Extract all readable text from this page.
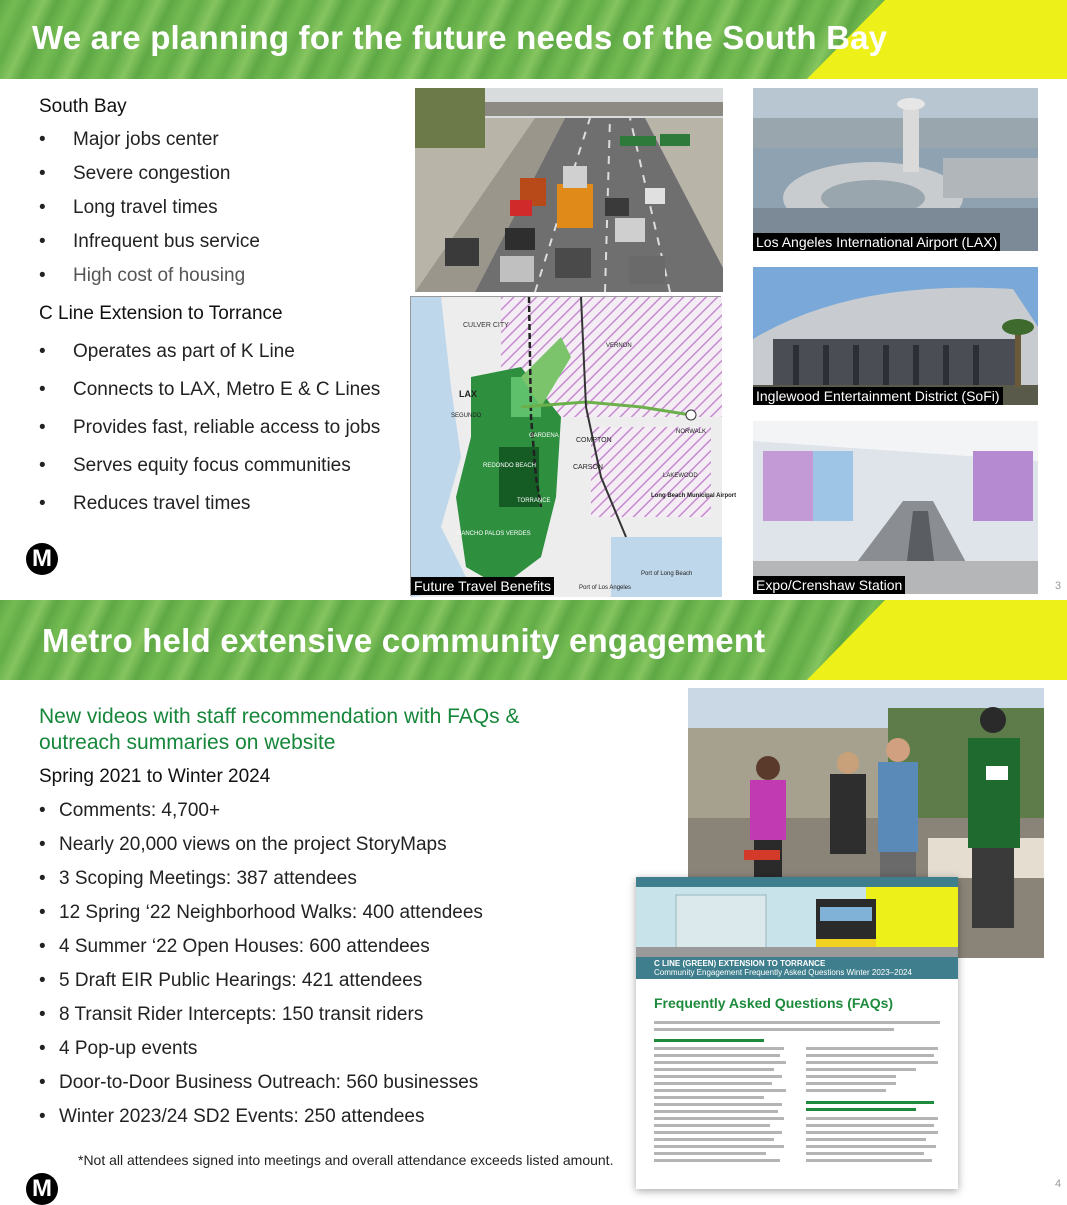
We are planning for the future needs of the South Bay
South Bay
• Major jobs center
• Severe congestion
• Long travel times
• Infrequent bus service
• High cost of housing
C Line Extension to Torrance
• Operates as part of K Line
• Connects to LAX, Metro E & C Lines
• Provides fast, reliable access to jobs
• Serves equity focus communities
• Reduces travel times
M
Los Angeles International Airport (LAX)
Inglewood Entertainment District (SoFi)
Expo/Crenshaw Station
CULVER CITY
LAX
SEGUNDO
REDONDO BEACH
TORRANCE
RANCHO PALOS VERDES
GARDENA
CARSON
COMPTON
NORWALK
LAKEWOOD
VERNON
Long Beach Municipal Airport
Port of Long Beach
Port of Los Angeles
Future Travel Benefits	3
Metro held extensive community engagement
New videos with staff recommendation with FAQs & outreach summaries on website
Spring 2021 to Winter 2024
• Comments: 4,700+
• Nearly 20,000 views on the project StoryMaps
• 3 Scoping Meetings: 387 attendees
• 12 Spring ‘22 Neighborhood Walks: 400 attendees
• 4 Summer ‘22 Open Houses: 600 attendees
• 5 Draft EIR Public Hearings: 421 attendees
• 8 Transit Rider Intercepts: 150 transit riders
• 4 Pop-up events
• Door-to-Door Business Outreach: 560 businesses
• Winter 2023/24 SD2 Events: 250 attendees
M
*Not all attendees signed into meetings and overall attendance exceeds listed amount.
C LINE (GREEN) EXTENSION TO TORRANCE
Community Engagement Frequently Asked Questions Winter 2023–2024
Frequently Asked Questions (FAQs)
4
